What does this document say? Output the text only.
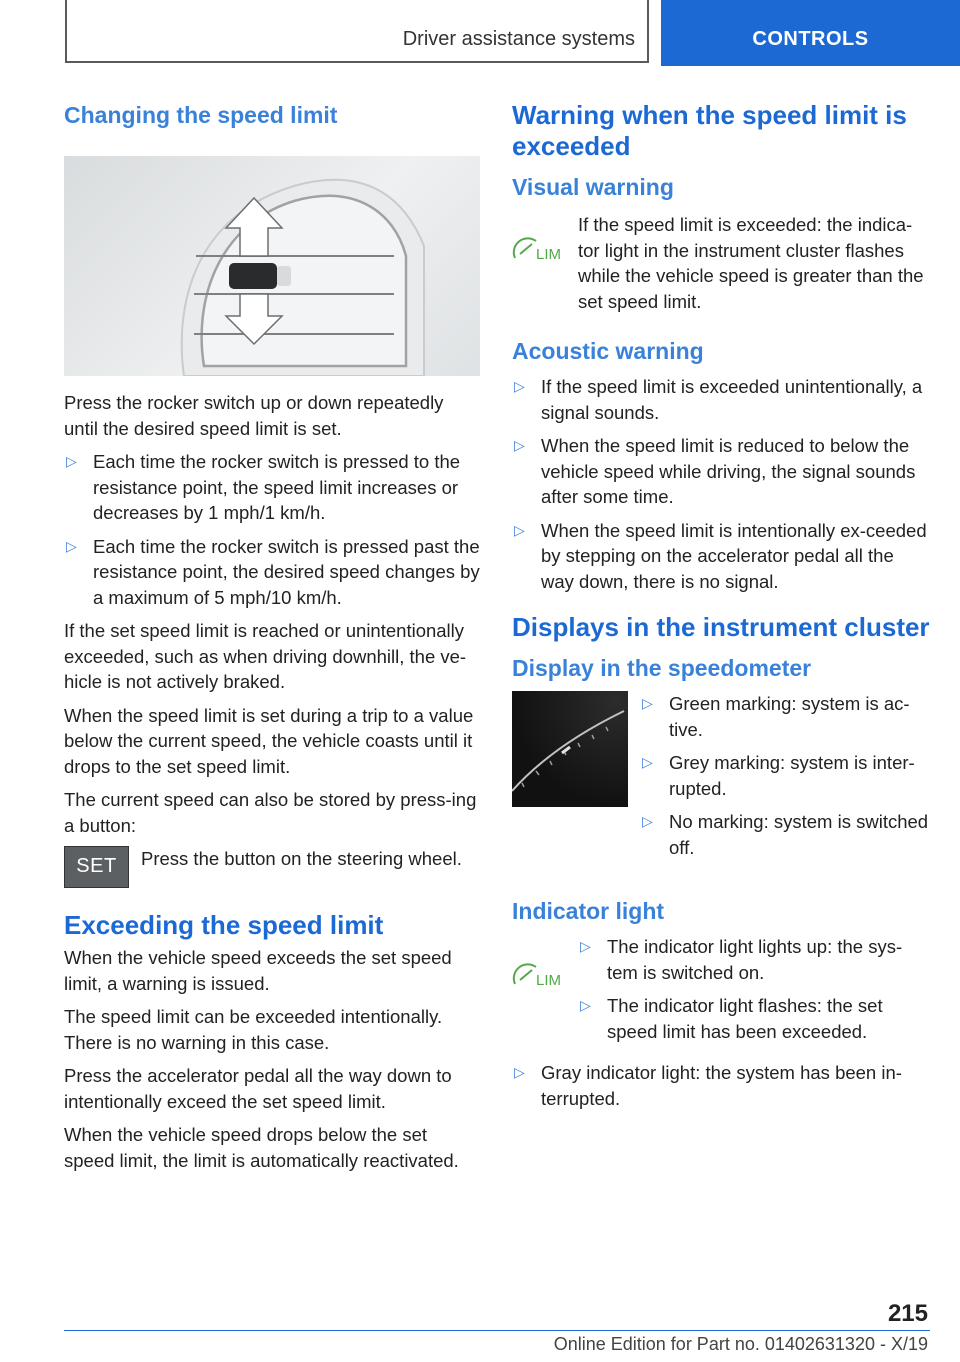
Driver assistance systems	CONTROLS
Changing the speed limit

Press the rocker switch up or down repeatedly until the desired speed limit is set.

▷ Each time the rocker switch is pressed to the resistance point, the speed limit increases or decreases by 1 mph/1 km/h.
▷ Each time the rocker switch is pressed past the resistance point, the desired speed changes by a maximum of 5 mph/10 km/h.

If the set speed limit is reached or unintentionally exceeded, such as when driving downhill, the ve‐hicle is not actively braked.

When the speed limit is set during a trip to a value below the current speed, the vehicle coasts until it drops to the set speed limit.

The current speed can also be stored by press‐ing a button:

SET	Press the button on the steering wheel.
Exceeding the speed limit

When the vehicle speed exceeds the set speed limit, a warning is issued.

The speed limit can be exceeded intentionally. There is no warning in this case.

Press the accelerator pedal all the way down to intentionally exceed the set speed limit.

When the vehicle speed drops below the set speed limit, the limit is automatically reactivated.

Warning when the speed limit is exceeded
Visual warning
LIM
If the speed limit is exceeded: the indica‐tor light in the instrument cluster flashes while the vehicle speed is greater than the set speed limit.
Acoustic warning
▷ If the speed limit is exceeded unintentionally, a signal sounds.
▷ When the speed limit is reduced to below the vehicle speed while driving, the signal sounds after some time.
▷ When the speed limit is intentionally ex‐ceeded by stepping on the accelerator pedal all the way down, there is no signal.
Displays in the instrument cluster
Display in the speedometer
▷ Green marking: system is ac‐tive.
▷ Grey marking: system is inter‐rupted.
▷ No marking: system is switched off.
Indicator light
LIM
▷ The indicator light lights up: the sys‐tem is switched on.
▷ The indicator light flashes: the set speed limit has been exceeded.
▷ Gray indicator light: the system has been in‐terrupted.
215
Online Edition for Part no. 01402631320 - X/19
